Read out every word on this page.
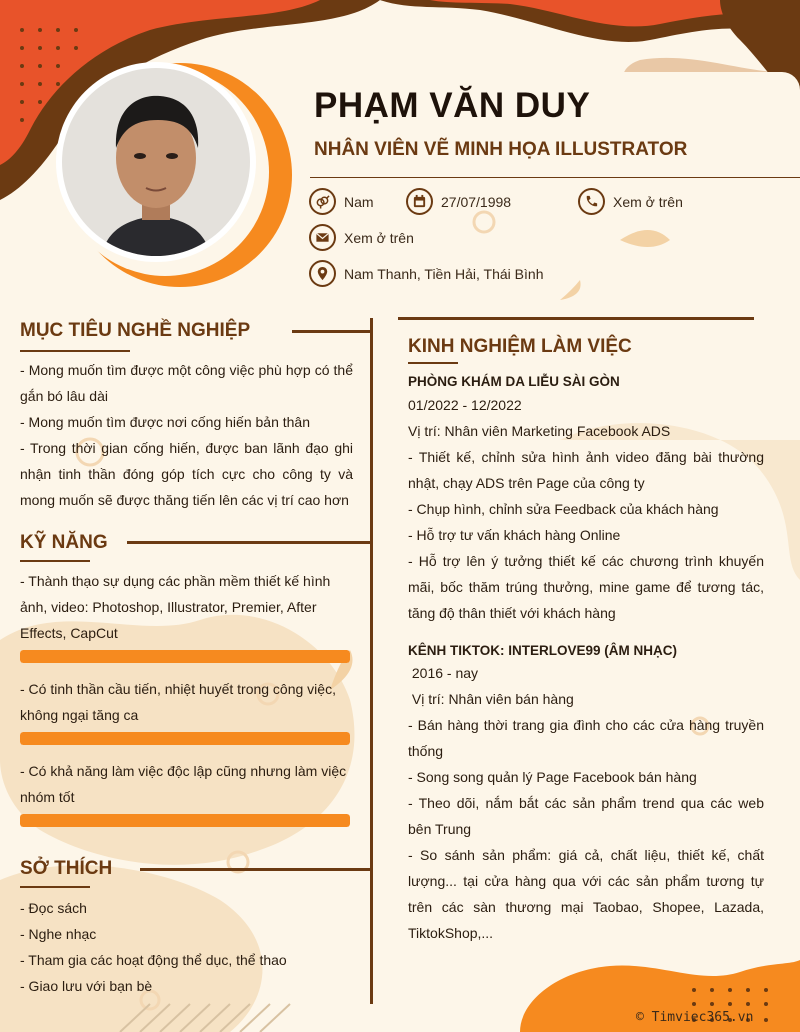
PHẠM VĂN DUY
NHÂN VIÊN VẼ MINH HỌA ILLUSTRATOR
Nam	27/07/1998	Xem ở trên
Xem ở trên
Nam Thanh, Tiền Hải, Thái Bình
MỤC TIÊU NGHỀ NGHIỆP

- Mong muốn tìm được một công việc phù hợp có thể gắn bó lâu dài

- Mong muốn tìm được nơi cống hiến bản thân

- Trong thời gian cống hiến, được ban lãnh đạo ghi nhận tinh thần đóng góp tích cực cho công ty và mong muốn sẽ được thăng tiến lên các vị trí cao hơn

KỸ NĂNG
- Thành thạo sự dụng các phần mềm thiết kế hình ảnh, video: Photoshop, Illustrator, Premier, After Effects, CapCut
- Có tinh thần cầu tiến, nhiệt huyết trong công việc, không ngại tăng ca
- Có khả năng làm việc độc lập cũng nhưng làm việc nhóm tốt
SỞ THÍCH

- Đọc sách

- Nghe nhạc

- Tham gia các hoạt động thể dục, thể thao

- Giao lưu với bạn bè

KINH NGHIỆM LÀM VIỆC
PHÒNG KHÁM DA LIỄU SÀI GÒN

01/2022 - 12/2022

Vị trí: Nhân viên Marketing Facebook ADS

- Thiết kế, chỉnh sửa hình ảnh video đăng bài thường nhật, chạy ADS trên Page của công ty

- Chụp hình, chỉnh sửa Feedback của khách hàng

- Hỗ trợ tư vấn khách hàng Online

- Hỗ trợ lên ý tưởng thiết kế các chương trình khuyến mãi, bốc thăm trúng thưởng, mine game để tương tác, tăng độ thân thiết với khách hàng

KÊNH TIKTOK: INTERLOVE99 (ÂM NHẠC)

2016 - nay

Vị trí: Nhân viên bán hàng

- Bán hàng thời trang gia đình cho các cửa hàng truyền thống

- Song song quản lý Page Facebook bán hàng

- Theo dõi, nắm bắt các sản phẩm trend qua các web bên Trung

- So sánh sản phẩm: giá cả, chất liệu, thiết kế, chất lượng... tại cửa hàng qua với các sản phẩm tương tự trên các sàn thương mại Taobao, Shopee, Lazada, TiktokShop,...

© Timviec365.vn
